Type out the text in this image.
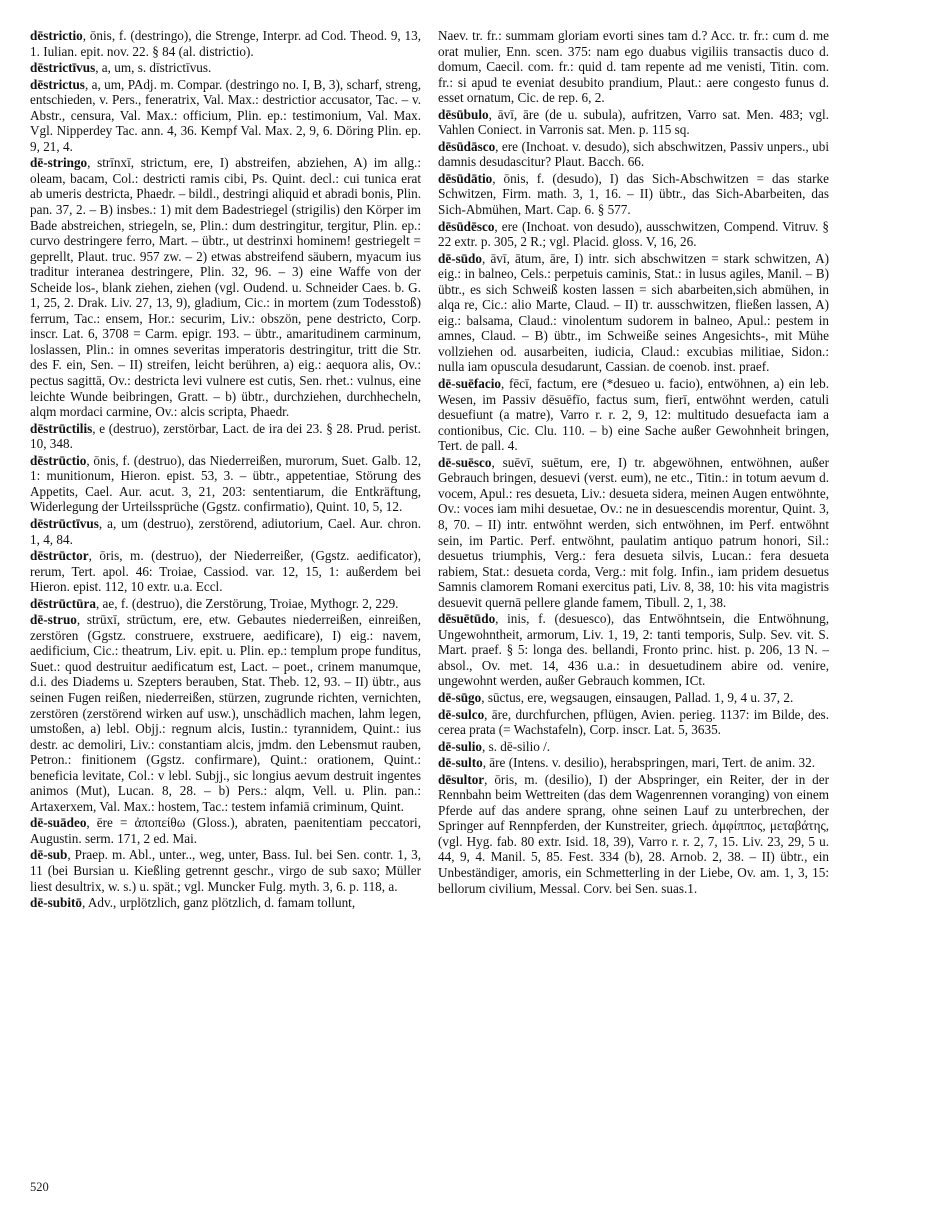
dēstrictio, ōnis, f. (destringo), die Strenge, Interpr. ad Cod. Theod. 9, 13, 1. Iulian. epit. nov. 22. § 84 (al. districtio).

dēstrictīvus, a, um, s. dīstrictīvus.

dēstrictus, a, um, PAdj. m. Compar. (destringo no. I, B, 3), scharf, streng, entschieden, v. Pers., feneratrix, Val. Max.: destrictior accusator, Tac. – v. Abstr., censura, Val. Max.: officium, Plin. ep.: testimonium, Val. Max. Vgl. Nipperdey Tac. ann. 4, 36. Kempf Val. Max. 2, 9, 6. Döring Plin. ep. 9, 21, 4.

dē-stringo, strīnxī, strictum, ere, I) abstreifen, abziehen, A) im allg.: oleam, bacam, Col.: destricti ramis cibi, Ps. Quint. decl.: cui tunica erat ab umeris destricta, Phaedr. – bildl., destringi aliquid et abradi bonis, Plin. pan. 37, 2. – B) insbes.: 1) mit dem Badestriegel (strigilis) den Körper im Bade abstreichen, striegeln, se, Plin.: dum destringitur, tergitur, Plin. ep.: curvo destringere ferro, Mart. – übtr., ut destrinxi hominem! gestriegelt = geprellt, Plaut. truc. 957 zw. – 2) etwas abstreifend säubern, myacum ius traditur interanea destringere, Plin. 32, 96. – 3) eine Waffe von der Scheide los-, blank ziehen, ziehen (vgl. Oudend. u. Schneider Caes. b. G. 1, 25, 2. Drak. Liv. 27, 13, 9), gladium, Cic.: in mortem (zum Todesstoß) ferrum, Tac.: ensem, Hor.: securim, Liv.: obszön, pene destricto, Corp. inscr. Lat. 6, 3708 = Carm. epigr. 193. – übtr., amaritudinem carminum, loslassen, Plin.: in omnes severitas imperatoris destringitur, tritt die Str. des F. ein, Sen. – II) streifen, leicht berühren, a) eig.: aequora alis, Ov.: pectus sagittā, Ov.: destricta levi vulnere est cutis, Sen. rhet.: vulnus, eine leichte Wunde beibringen, Gratt. – b) übtr., durchziehen, durchhecheln, alqm mordaci carmine, Ov.: alcis scripta, Phaedr.

dēstrūctilis, e (destruo), zerstörbar, Lact. de ira dei 23. § 28. Prud. perist. 10, 348.

dēstrūctio, ōnis, f. (destruo), das Niederreißen, murorum, Suet. Galb. 12, 1: munitionum, Hieron. epist. 53, 3. – übtr., appetentiae, Störung des Appetits, Cael. Aur. acut. 3, 21, 203: sententiarum, die Entkräftung, Widerlegung der Urteilssprüche (Ggstz. confirmatio), Quint. 10, 5, 12.

dēstrūctīvus, a, um (destruo), zerstörend, adiutorium, Cael. Aur. chron. 1, 4, 84.

dēstrūctor, ōris, m. (destruo), der Niederreißer, (Ggstz. aedificator), rerum, Tert. apol. 46: Troiae, Cassiod. var. 12, 15, 1: außerdem bei Hieron. epist. 112, 10 extr. u.a. Eccl.

dēstrūctūra, ae, f. (destruo), die Zerstörung, Troiae, Mythogr. 2, 229.

dē-struo, strūxī, strūctum, ere, etw. Gebautes niederreißen, einreißen, zerstören (Ggstz. construere, exstruere, aedificare), I) eig.: navem, aedificium, Cic.: theatrum, Liv. epit. u. Plin. ep.: templum prope funditus, Suet.: quod destruitur aedificatum est, Lact. – poet., crinem manumque, d.i. des Diadems u. Szepters berauben, Stat. Theb. 12, 93. – II) übtr., aus seinen Fugen reißen, niederreißen, stürzen, zugrunde richten, vernichten, zerstören (zerstörend wirken auf usw.), unschädlich machen, lahm legen, umstoßen, a) lebl. Objj.: regnum alcis, Iustin.: tyrannidem, Quint.: ius destr. ac demoliri, Liv.: constantiam alcis, jmdm. den Lebensmut rauben, Petron.: finitionem (Ggstz. confirmare), Quint.: orationem, Quint.: beneficia levitate, Col.: v lebl. Subjj., sic longius aevum destruit ingentes animos (Mut), Lucan. 8, 28. – b) Pers.: alqm, Vell. u. Plin. pan.: Artaxerxem, Val. Max.: hostem, Tac.: testem infamiā criminum, Quint.

dē-suādeo, ēre = ἀποπείθω (Gloss.), abraten, paenitentiam peccatori, Augustin. serm. 171, 2 ed. Mai.

dē-sub, Praep. m. Abl., unter.., weg, unter, Bass. Iul. bei Sen. contr. 1, 3, 11 (bei Bursian u. Kießling getrennt geschr., virgo de sub saxo; Müller liest desultrix, w. s.) u. spät.; vgl. Muncker Fulg. myth. 3, 6. p. 118, a.

dē-subitō, Adv., urplötzlich, ganz plötzlich, d. famam tollunt,

Naev. tr. fr.: summam gloriam evorti sines tam d.? Acc. tr. fr.: cum d. me orat mulier, Enn. scen. 375: nam ego duabus vigiliis transactis duco d. domum, Caecil. com. fr.: quid d. tam repente ad me venisti, Titin. com. fr.: si apud te eveniat desubito prandium, Plaut.: aere congesto funus d. esset ornatum, Cic. de rep. 6, 2.

dēsūbulo, āvī, āre (de u. subula), aufritzen, Varro sat. Men. 483; vgl. Vahlen Coniect. in Varronis sat. Men. p. 115 sq.

dēsūdāsco, ere (Inchoat. v. desudo), sich abschwitzen, Passiv unpers., ubi damnis desudascitur? Plaut. Bacch. 66.

dēsūdātio, ōnis, f. (desudo), I) das Sich-Abschwitzen = das starke Schwitzen, Firm. math. 3, 1, 16. – II) übtr., das Sich-Abarbeiten, das Sich-Abmühen, Mart. Cap. 6. § 577.

dēsūdēsco, ere (Inchoat. von desudo), ausschwitzen, Compend. Vitruv. § 22 extr. p. 305, 2 R.; vgl. Placid. gloss. V, 16, 26.

dē-sūdo, āvī, ātum, āre, I) intr. sich abschwitzen = stark schwitzen, A) eig.: in balneo, Cels.: perpetuis caminis, Stat.: in lusus agiles, Manil. – B) übtr., es sich Schweiß kosten lassen = sich abarbeiten,sich abmühen, in alqa re, Cic.: alio Marte, Claud. – II) tr. ausschwitzen, fließen lassen, A) eig.: balsama, Claud.: vinolentum sudorem in balneo, Apul.: pestem in amnes, Claud. – B) übtr., im Schweiße seines Angesichts-, mit Mühe vollziehen od. ausarbeiten, iudicia, Claud.: excubias militiae, Sidon.: nulla iam opuscula desudarunt, Cassian. de coenob. inst. praef.

dē-suēfacio, fēcī, factum, ere (*desueo u. facio), entwöhnen, a) ein leb. Wesen, im Passiv dēsuēfīo, factus sum, fierī, entwöhnt werden, catuli desuefiunt (a matre), Varro r. r. 2, 9, 12: multitudo desuefacta iam a contionibus, Cic. Clu. 110. – b) eine Sache außer Gewohnheit bringen, Tert. de pall. 4.

dē-suēsco, suēvī, suētum, ere, I) tr. abgewöhnen, entwöhnen, außer Gebrauch bringen, desuevi (verst. eum), ne etc., Titin.: in totum aevum d. vocem, Apul.: res desueta, Liv.: desueta sidera, meinen Augen entwöhnte, Ov.: voces iam mihi desuetae, Ov.: ne in desuescendis morentur, Quint. 3, 8, 70. – II) intr. entwöhnt werden, sich entwöhnen, im Perf. entwöhnt sein, im Partic. Perf. entwöhnt, paulatim antiquo patrum honori, Sil.: desuetus triumphis, Verg.: fera desueta silvis, Lucan.: fera desueta rabiem, Stat.: desueta corda, Verg.: mit folg. Infin., iam pridem desuetus Samnis clamorem Romani exercitus pati, Liv. 8, 38, 10: his vita magistris desuevit quernā pellere glande famem, Tibull. 2, 1, 38.

dēsuētūdo, inis, f. (desuesco), das Entwöhntsein, die Entwöhnung, Ungewohntheit, armorum, Liv. 1, 19, 2: tanti temporis, Sulp. Sev. vit. S. Mart. praef. § 5: longa des. bellandi, Fronto princ. hist. p. 206, 13 N. – absol., Ov. met. 14, 436 u.a.: in desuetudinem abire od. venire, ungewohnt werden, außer Gebrauch kommen, ICt.

dē-sūgo, sūctus, ere, wegsaugen, einsaugen, Pallad. 1, 9, 4 u. 37, 2.

dē-sulco, āre, durchfurchen, pflügen, Avien. perieg. 1137: im Bilde, des. cerea prata (= Wachstafeln), Corp. inscr. Lat. 5, 3635.

dē-sulio, s. dē-silio /.

dē-sulto, āre (Intens. v. desilio), herabspringen, mari, Tert. de anim. 32.

dēsultor, ōris, m. (desilio), I) der Abspringer, ein Reiter, der in der Rennbahn beim Wettreiten (das dem Wagenrennen voranging) von einem Pferde auf das andere sprang, ohne seinen Lauf zu unterbrechen, der Springer auf Rennpferden, der Kunstreiter, griech. ἀμφίππος, μεταβάτης, (vgl. Hyg. fab. 80 extr. Isid. 18, 39), Varro r. r. 2, 7, 15. Liv. 23, 29, 5 u. 44, 9, 4. Manil. 5, 85. Fest. 334 (b), 28. Arnob. 2, 38. – II) übtr., ein Unbeständiger, amoris, ein Schmetterling in der Liebe, Ov. am. 1, 3, 15: bellorum civilium, Messal. Corv. bei Sen. suas.1.

520
